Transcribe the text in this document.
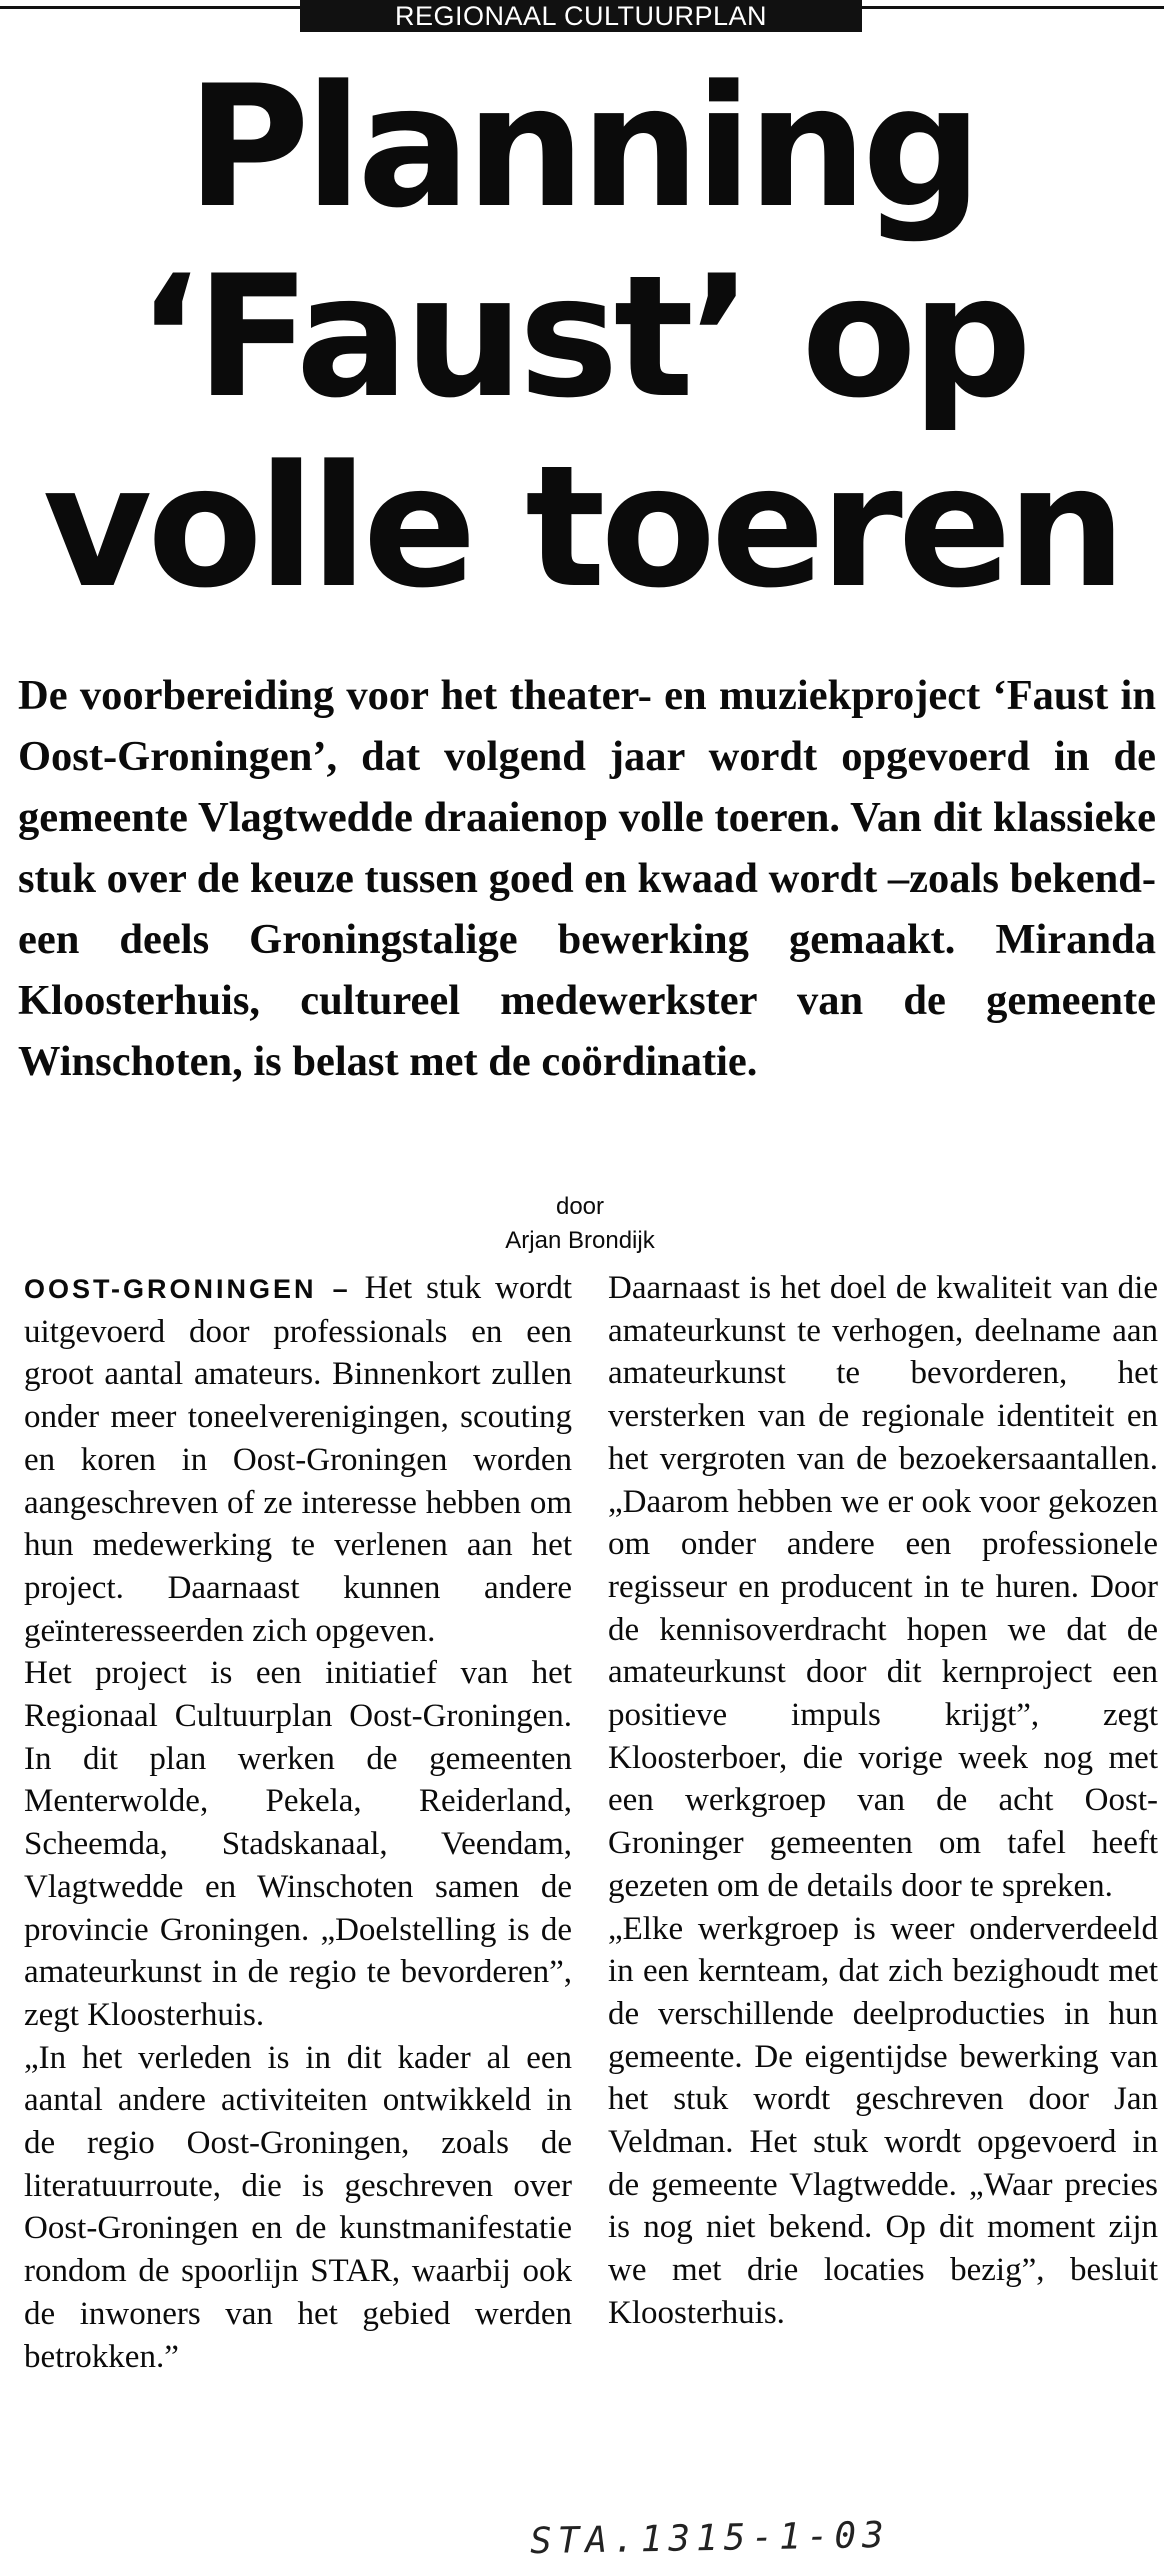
REGIONAAL CULTUURPLAN
Planning
‘Faust’ op
volle toeren

De voorbereiding voor het theater- en muziekproject ‘Faust in Oost-Groningen’, dat volgend jaar wordt opgevoerd in de gemeente Vlagtwedde draaienop volle toeren. Van dit klassieke stuk over de keuze tussen goed en kwaad wordt –zoals bekend- een deels Groningstalige bewerking gemaakt. Miranda Kloosterhuis, cultureel medewerkster van de gemeente Winschoten, is belast met de coördinatie.

door
Arjan Brondijk

OOST-GRONINGEN – Het stuk wordt uitgevoerd door professionals en een groot aantal amateurs. Binnenkort zullen onder meer toneelverenigingen, scouting en koren in Oost-Groningen worden aangeschreven of ze interesse hebben om hun medewerking te verlenen aan het project. Daarnaast kunnen andere geïnteresseerden zich opgeven.

Het project is een initiatief van het Regionaal Cultuurplan Oost-Groningen. In dit plan werken de gemeenten Menterwolde, Pekela, Reiderland, Scheemda, Stadskanaal, Veendam, Vlagtwedde en Winschoten samen de provincie Groningen. „Doelstelling is de amateurkunst in de regio te bevorderen”, zegt Kloosterhuis.

„In het verleden is in dit kader al een aantal andere activiteiten ontwikkeld in de regio Oost-Groningen, zoals de literatuurroute, die is geschreven over Oost-Groningen en de kunstmanifestatie rondom de spoorlijn STAR, waarbij ook de inwoners van het gebied werden betrokken.”

Daarnaast is het doel de kwaliteit van die amateurkunst te verhogen, deelname aan amateurkunst te bevorderen, het versterken van de regionale identiteit en het vergroten van de bezoekersaantallen. „Daarom hebben we er ook voor gekozen om onder andere een professionele regisseur en producent in te huren. Door de kennisoverdracht hopen we dat de amateurkunst door dit kernproject een positieve impuls krijgt”, zegt Kloosterboer, die vorige week nog met een werkgroep van de acht Oost-Groninger gemeenten om tafel heeft gezeten om de details door te spreken.

„Elke werkgroep is weer onderverdeeld in een kernteam, dat zich bezighoudt met de verschillende deelproducties in hun gemeente. De eigentijdse bewerking van het stuk wordt geschreven door Jan Veldman. Het stuk wordt opgevoerd in de gemeente Vlagtwedde. „Waar precies is nog niet bekend. Op dit moment zijn we met drie locaties bezig”, besluit Kloosterhuis.

STA.1315-1-03
